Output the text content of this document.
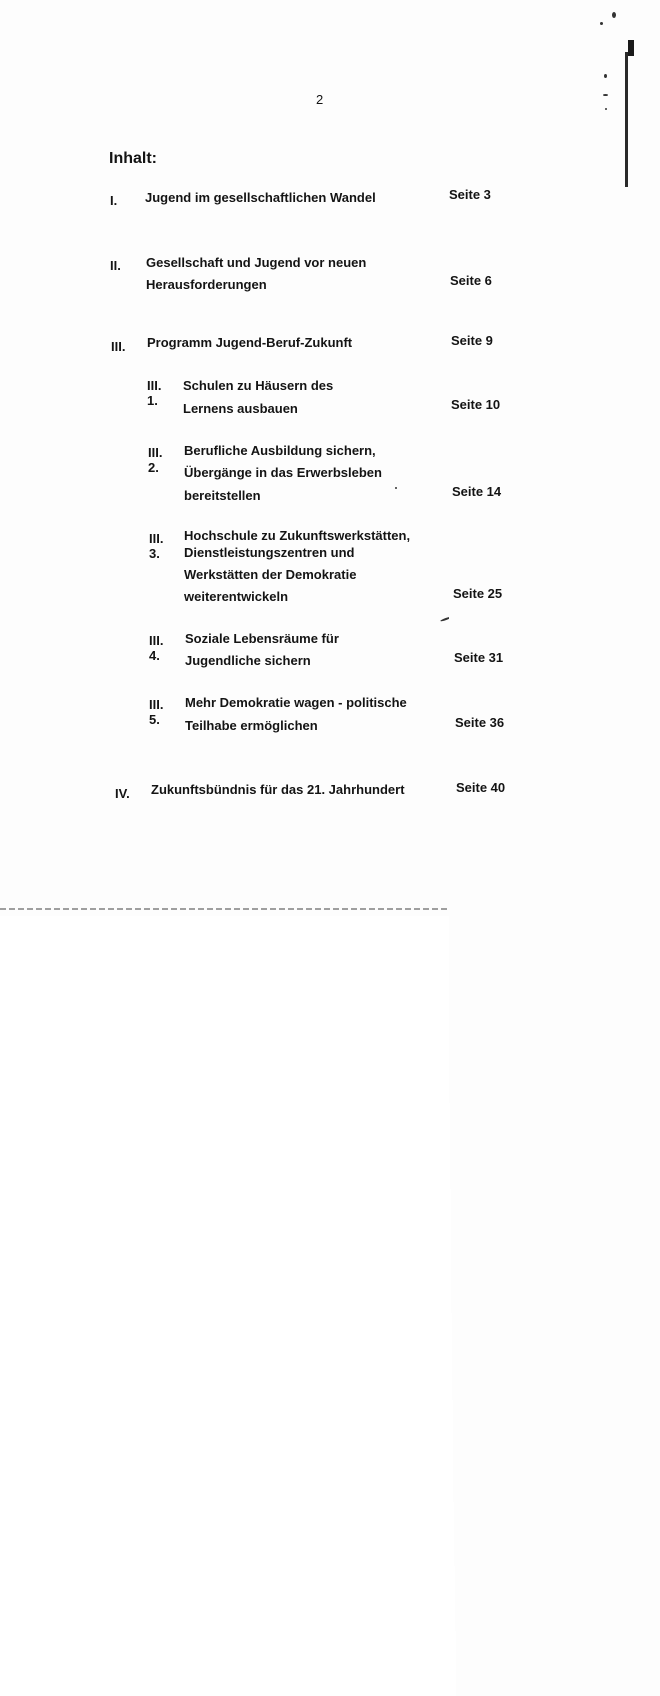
2
Inhalt:
I. Jugend im gesellschaftlichen Wandel	Seite 3
II. Gesellschaft und Jugend vor neuen
Herausforderungen	Seite 6
III. Programm Jugend-Beruf-Zukunft	Seite 9
III. 1.
Schulen zu Häusern des
Lernens ausbauen	Seite 10
III. 2.
Berufliche Ausbildung sichern,
Übergänge in das Erwerbsleben
bereitstellen	Seite 14
III. 3.
Hochschule zu Zukunftswerkstätten,
Dienstleistungszentren und
Werkstätten der Demokratie
weiterentwickeln	Seite 25
III. 4.
Soziale Lebensräume für
Jugendliche sichern	Seite 31
III. 5.
Mehr Demokratie wagen - politische
Teilhabe ermöglichen	Seite 36
IV. Zukunftsbündnis für das 21. Jahrhundert	Seite 40
